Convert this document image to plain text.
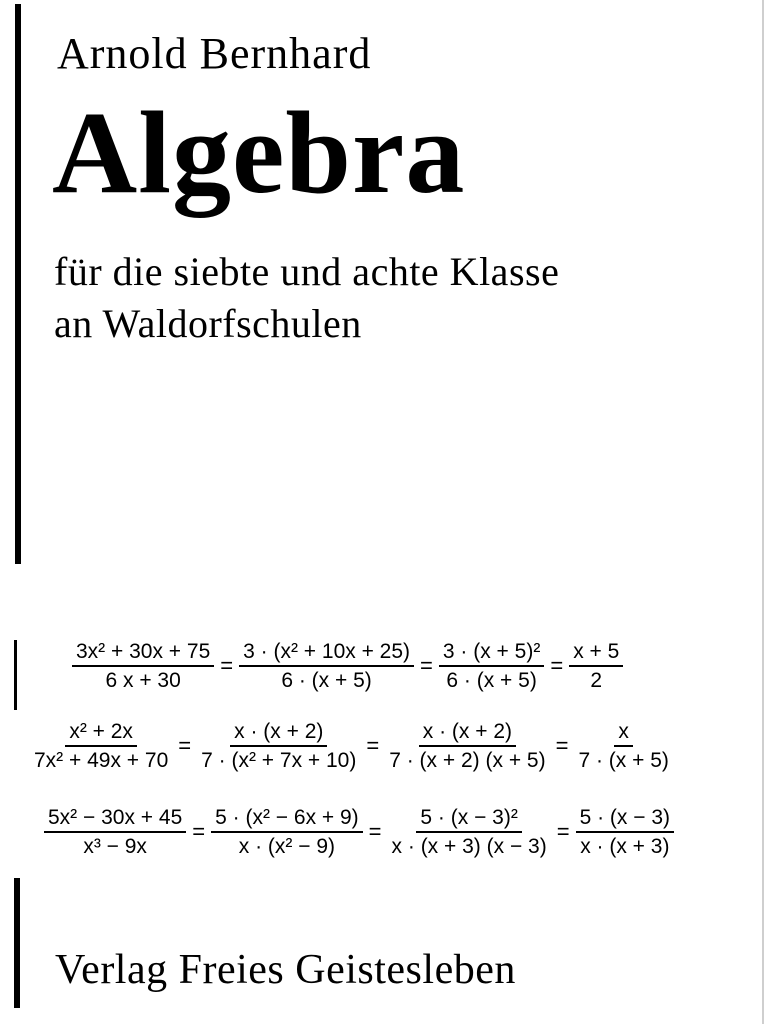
Arnold Bernhard
Algebra
für die siebte und achte Klasse
an Waldorfschulen
$\frac{\text{3x² + 30x + 75}}{6 x + 30} = \frac{\text{3 · (x² + 10x + 25)}}{6 \cdot (x + 5)} = \frac{\text{3 · (x + 5)²}}{6 \cdot (x + 5)} = \frac{x + 5}{2}$
$\frac{\text{x² + 2x}}{\text{7x² + 49x + 70}} = \frac{x \cdot (x + 2)}{\text{7 · (x² + 7x + 10)}} = \frac{x \cdot (x + 2)}{7 \cdot (x + 2) (x + 5)} = \frac{x}{7 \cdot (x + 5)}$
$\frac{\text{5x² − 30x + 45}}{\text{x³ − 9x}} = \frac{\text{5 · (x² − 6x + 9)}}{\text{x · (x² − 9)}} = \frac{\text{5 · (x − 3)²}}{x \cdot (x + 3) (x - 3)} = \frac{5 \cdot (x - 3)}{x \cdot (x + 3)}$
Verlag Freies Geistesleben
